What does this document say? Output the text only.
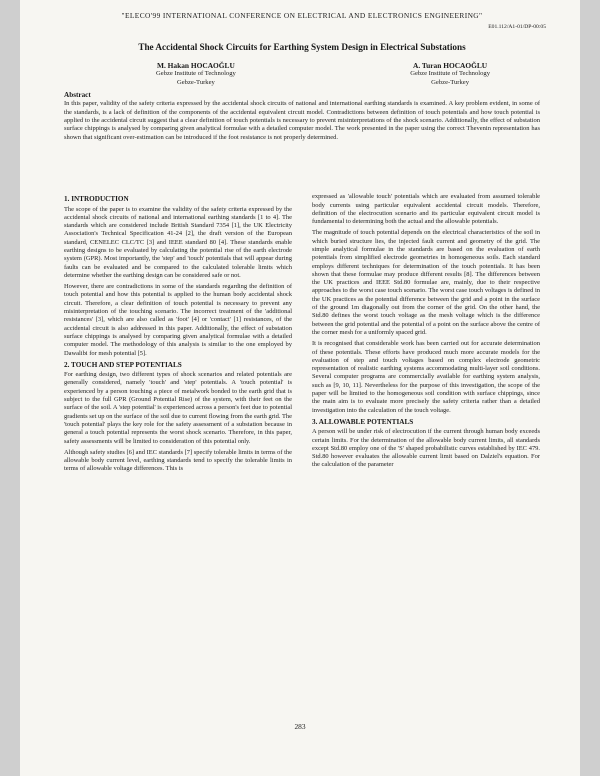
"ELECO'99 INTERNATIONAL CONFERENCE ON ELECTRICAL AND ELECTRONICS ENGINEERING"
E01.112/A1-01/DP-00:05
The Accidental Shock Circuits for Earthing System Design in Electrical Substations
M. Hakan HOCAOĞLU
Gebze Institute of Technology
Gebze-Turkey
A. Turan HOCAOĞLU
Gebze Institute of Technology
Gebze-Turkey
Abstract
In this paper, validity of the safety criteria expressed by the accidental shock circuits of national and international earthing standards is examined. A key problem evident, in some of the standards, is a lack of definition of the components of the accidental equivalent circuit model. Contradictions between definition of touch potentials and how touch potential is applied to the accidental circuit suggest that a clear definition of touch potentials is necessary to prevent misinterpretations of the shock scenario. Additionally, the effect of substation surface chippings is analysed by comparing given analytical formulae with a detailed computer model. The work presented in the paper using the correct Thevenin representation has shown that significant over-estimation can be introduced if the foot resistance is not properly determined.
1. INTRODUCTION

The scope of the paper is to examine the validity of the safety criteria expressed by the accidental shock circuits of national and international earthing standards [1 to 4]. The standards which are considered include British Standard 7354 [1], the UK Electricity Association's Technical Specification 41-24 [2], the draft version of the European standard, CENELEC CLC/TC [3] and IEEE standard 80 [4]. These standards enable earthing designs to be evaluated by calculating the potential rise of the earth electrode system (GPR). Most importantly, the 'step' and 'touch' potentials that will appear during faults can be evaluated and be compared to the calculated tolerable limits which determine whether the earthing design can be considered safe or not.

However, there are contradictions in some of the standards regarding the definition of touch potential and how this potential is applied to the human body accidental shock circuit. Therefore, a clear definition of touch potential is necessary to prevent any misinterpretation of the touching scenario. The incorrect treatment of the 'additional resistances' [3], which are also called as 'foot' [4] or 'contact' [1] resistances, of the accidental circuit is also addressed in this paper. Additionally, the effect of substation surface chippings is analysed by comparing given analytical formulae with a detailed computer model. The methodology of this analysis is similar to the one employed by Dawalibi for mesh potential [5].

2. TOUCH AND STEP POTENTIALS

For earthing design, two different types of shock scenarios and related potentials are generally considered, namely 'touch' and 'step' potentials. A 'touch potential' is experienced by a person touching a piece of metalwork bonded to the earth grid that is subject to the full GPR (Ground Potential Rise) of the system, with their feet on the surface of the soil. A 'step potential' is experienced across a person's feet due to potential gradients set up on the surface of the soil due to current flowing from the earth grid. The 'touch potential' plays the key role for the safety assessment of a substation because in general a touch potential represents the worst shock scenario. Therefore, in this paper, safety assessments will be limited to consideration of this potential only.

Although safety studies [6] and IEC standards [7] specify tolerable limits in terms of the allowable body current level, earthing standards tend to specify the tolerable limits in terms of allowable voltage differences. This is

expressed as 'allowable touch' potentials which are evaluated from assumed tolerable body currents using particular equivalent accidental circuit models. Therefore, definition of the electrocution scenario and its particular equivalent circuit model is fundamental to determining both the actual and the allowable potentials.

The magnitude of touch potential depends on the electrical characteristics of the soil in which buried structure lies, the injected fault current and geometry of the grid. The simple analytical formulae in the standards are based on the evaluation of earth potentials from simplified electrode geometries in homogeneous soils. Each standard employs different techniques for determination of the touch potentials. It has been shown that these formulae may produce different results [8]. The differences between the UK practices and IEEE Std.80 formulae are, mainly, due to their respective approaches to the worst case touch scenario. The worst case touch voltages is defined in the UK practices as the potential difference between the grid and a point in the surface of the ground 1m diagonally out from the corner of the grid. On the other hand, the Std.80 defines the worst touch voltage as the mesh voltage which is the difference between the grid potential and the potential of a point on the surface above the centre of the corner mesh for a uniformly spaced grid.

It is recognised that considerable work has been carried out for accurate determination of these potentials. These efforts have produced much more accurate models for the evaluation of step and touch voltages based on complex electrode geometric representation of realistic earthing systems accommodating multi-layer soil conditions. Several computer programs are commercially available for earthing system analysis, such as [9, 10, 11]. Nevertheless for the purpose of this investigation, the scope of the paper will be limited to the homogeneous soil condition with surface chippings, since the main aim is to evaluate more precisely the safety criteria rather than a detailed investigation into the calculation of the touch voltage.

3. ALLOWABLE POTENTIALS

A person will be under risk of electrocution if the current through human body exceeds certain limits. For the determination of the allowable body current limits, all standards except Std.80 employ one of the 'S' shaped probabilistic curves established by IEC 479. Std.80 however evaluates the allowable current limit based on Dalziel's equation. For the calculation of the parameter

283
